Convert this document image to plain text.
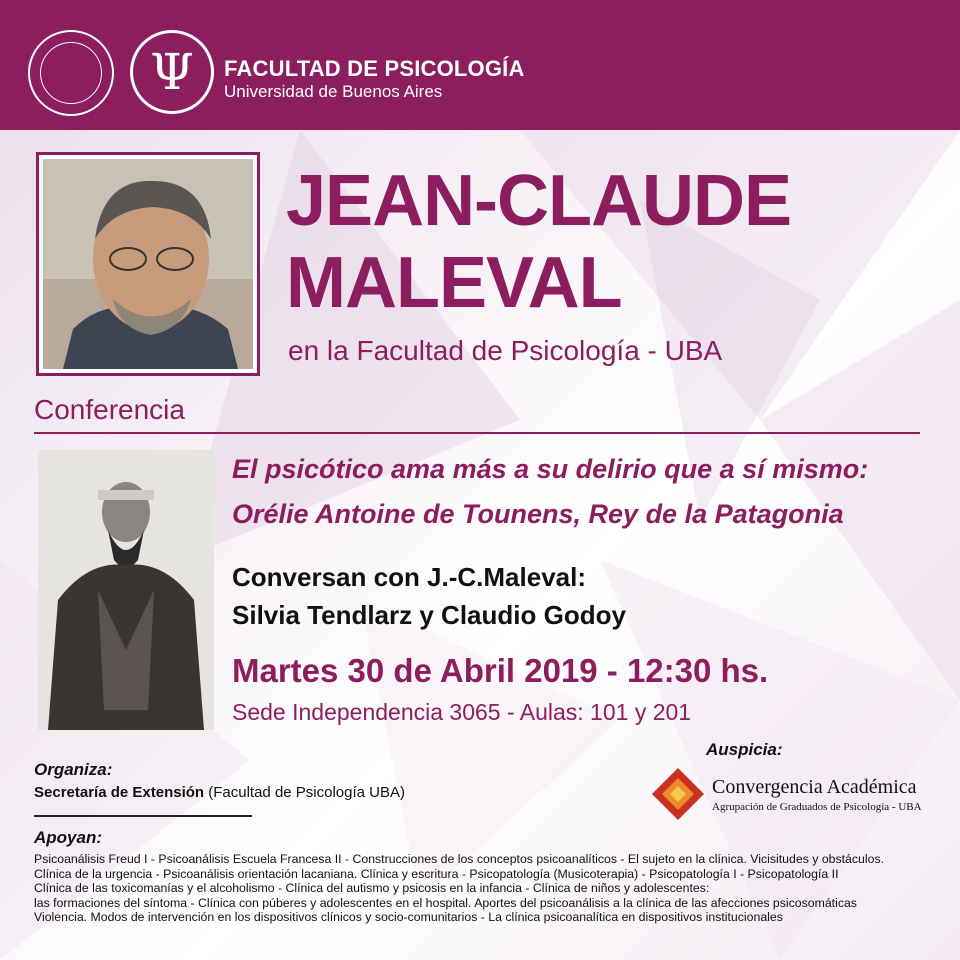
Ψ	FACULTAD DE PSICOLOGÍA
Universidad de Buenos Aires
JEAN-CLAUDE
MALEVAL
en la Facultad de Psicología - UBA
Conferencia
El psicótico ama más a su delirio que a sí mismo:
Orélie Antoine de Tounens, Rey de la Patagonia
Conversan con J.-C.Maleval:
Silvia Tendlarz y Claudio Godoy
Martes 30 de Abril 2019 - 12:30 hs.
Sede Independencia 3065 - Aulas: 101 y 201
Organiza:
Secretaría de Extensión (Facultad de Psicología UBA)
Auspicia:
Convergencia Académica
Agrupación de Graduados de Psicología - UBA
Apoyan:
Psicoanálisis Freud I - Psicoanálisis Escuela Francesa II - Construcciones de los conceptos psicoanalíticos - El sujeto en la clínica. Vicisitudes y obstáculos.
Clínica de la urgencia - Psicoanálisis orientación lacaniana. Clínica y escritura - Psicopatología (Musicoterapia) - Psicopatología I - Psicopatología II
Clínica de las toxicomanías y el alcoholismo - Clínica del autismo y psicosis en la infancia - Clínica de niños y adolescentes:
las formaciones del síntoma - Clínica con púberes y adolescentes en el hospital. Aportes del psicoanálisis a la clínica de las afecciones psicosomáticas
Violencia. Modos de intervención en los dispositivos clínicos y socio-comunitarios - La clínica psicoanalítica en dispositivos institucionales
